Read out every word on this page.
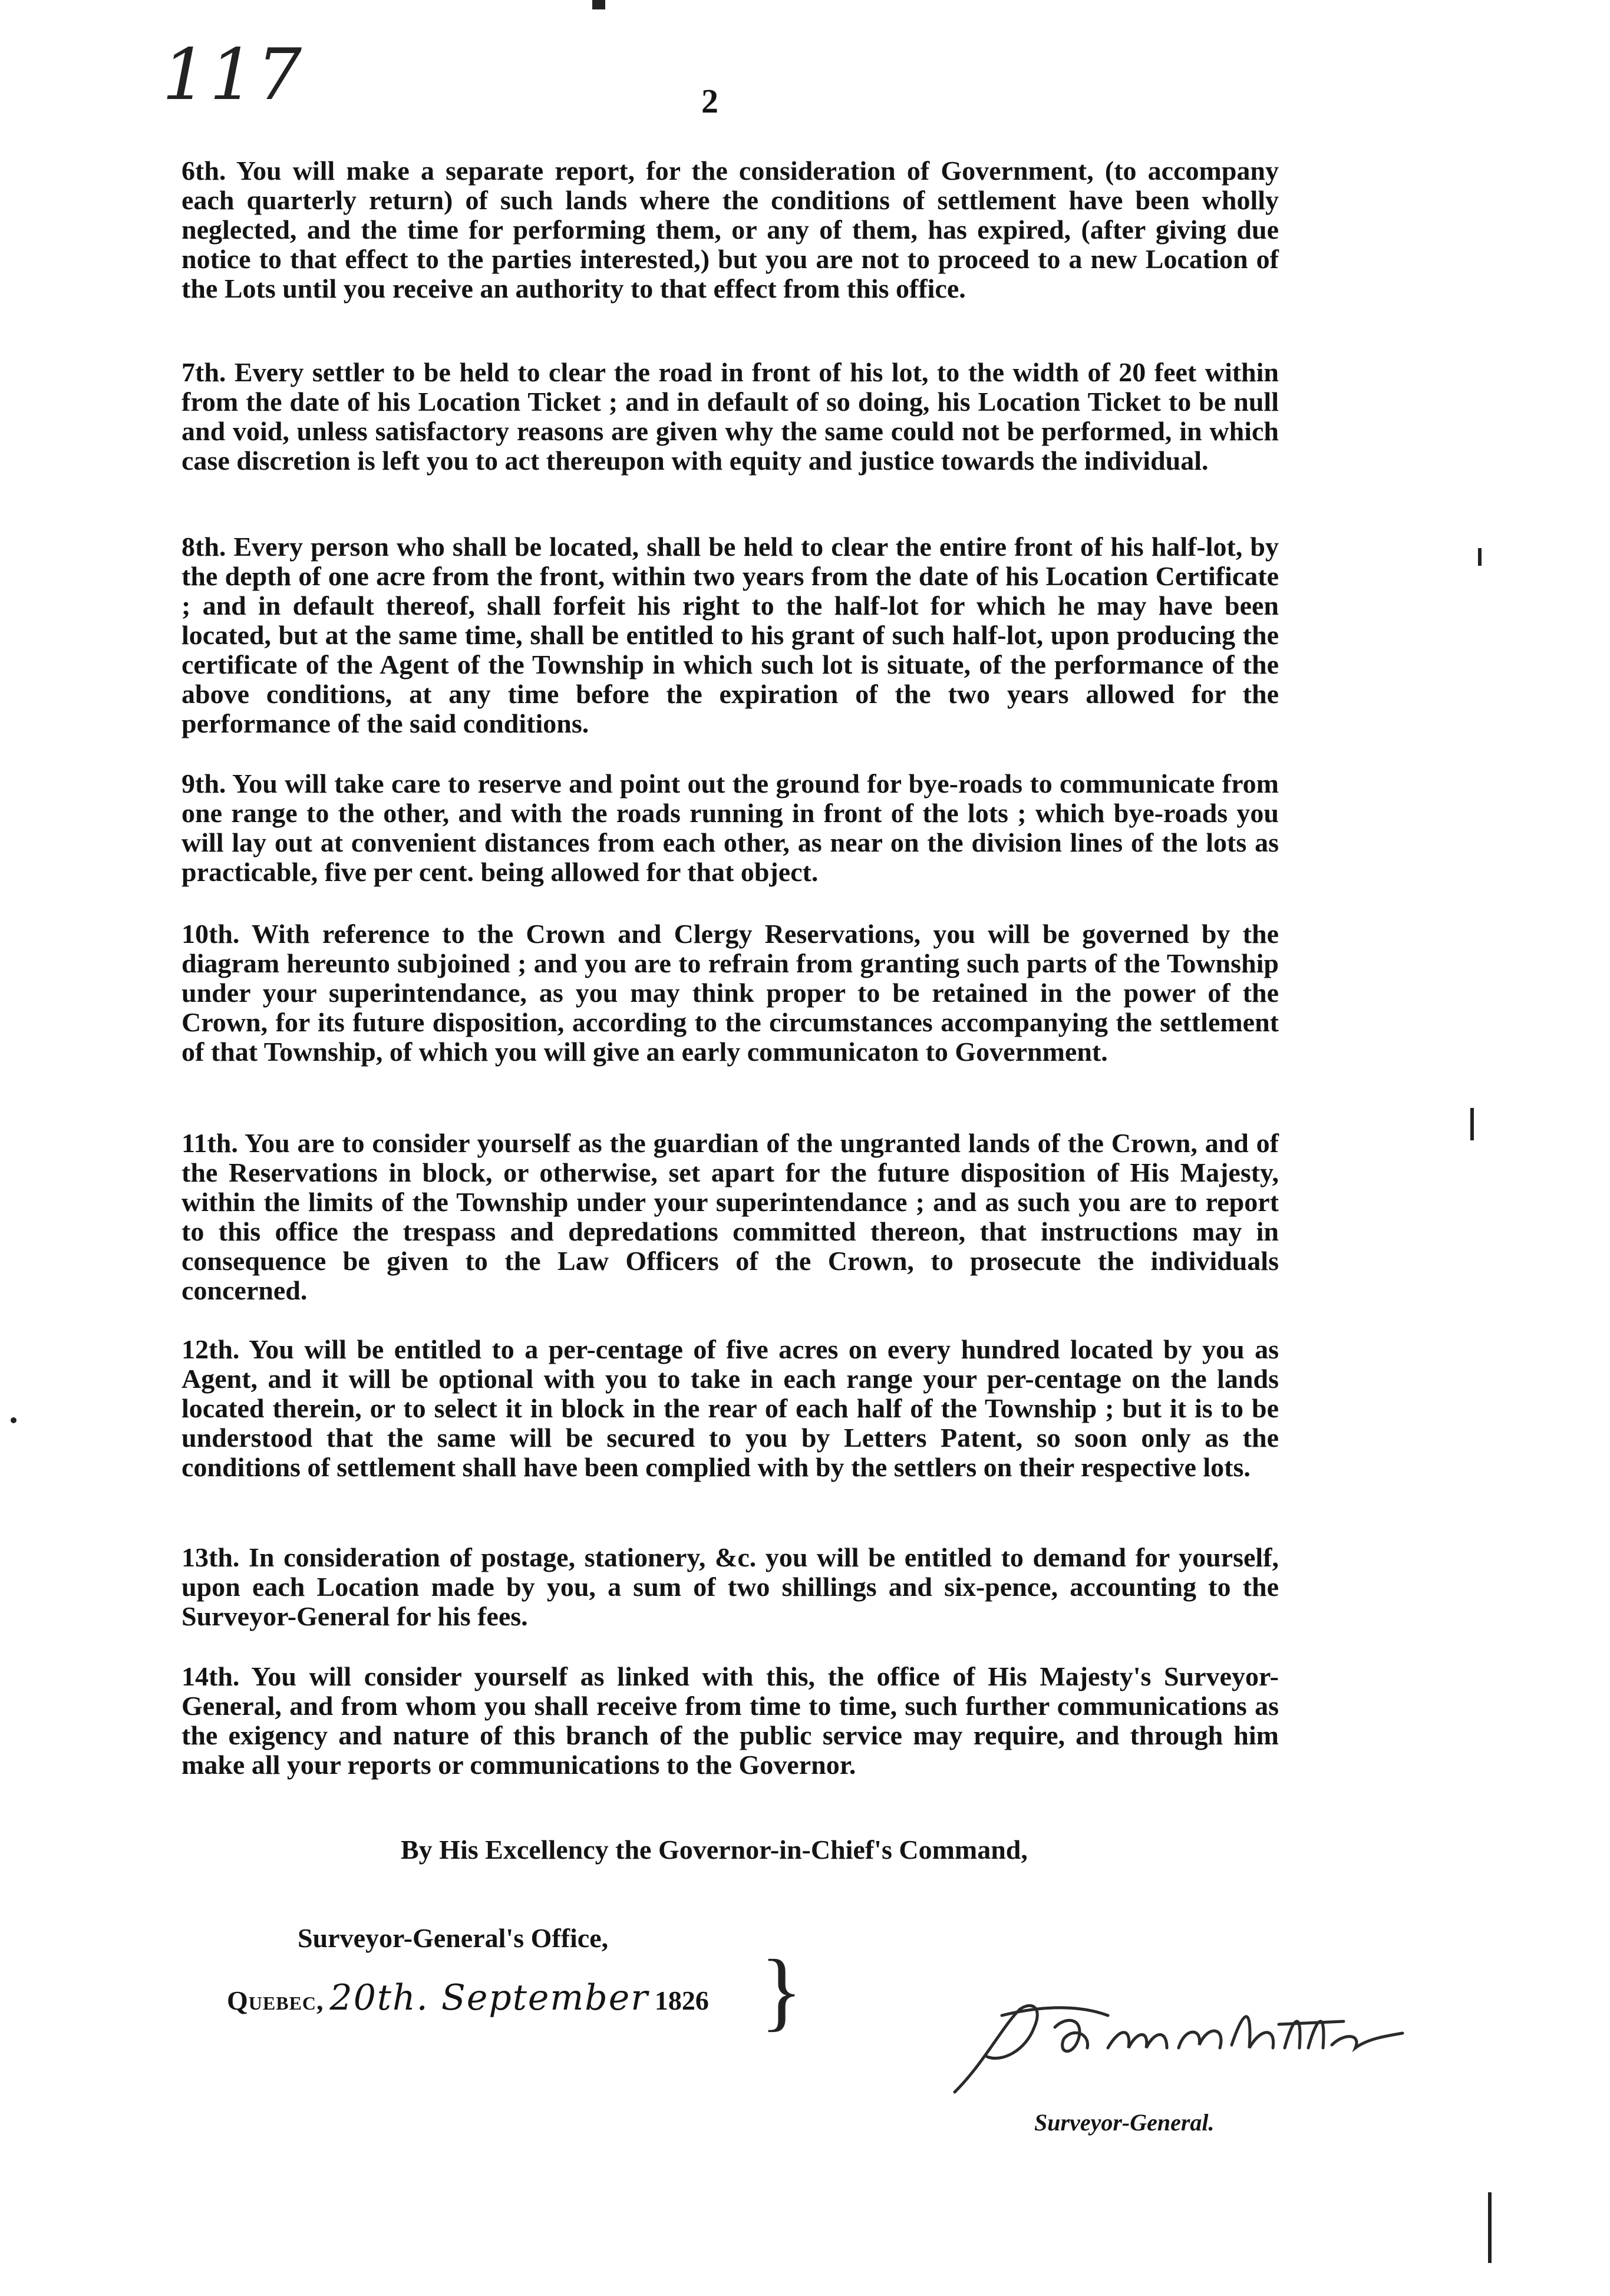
117	2

6th. You will make a separate report, for the consideration of Government, (to accompany each quarterly return) of such lands where the conditions of settlement have been wholly neglected, and the time for performing them, or any of them, has expired, (after giving due notice to that effect to the parties interested,) but you are not to proceed to a new Location of the Lots until you receive an authority to that effect from this office.

7th. Every settler to be held to clear the road in front of his lot, to the width of 20 feet within                                        from the date of his Location Ticket ; and in default of so doing, his Location Ticket to be null and void, unless satisfactory reasons are given why the same could not be performed, in which case discretion is left you to act thereupon with equity and justice towards the individual.

8th. Every person who shall be located, shall be held to clear the entire front of his half-lot, by the depth of one acre from the front, within two years from the date of his Location Certificate ; and in default thereof, shall forfeit his right to the half-lot for which he may have been located, but at the same time, shall be entitled to his grant of such half-lot, upon producing the certificate of the Agent of the Township in which such lot is situate, of the performance of the above conditions, at any time before the expiration of the two years allowed for the performance of the said conditions.

9th. You will take care to reserve and point out the ground for bye-roads to communicate from one range to the other, and with the roads running in front of the lots ; which bye-roads you will lay out at convenient distances from each other, as near on the division lines of the lots as practicable, five per cent. being allowed for that object.

10th. With reference to the Crown and Clergy Reservations, you will be governed by the diagram hereunto subjoined ; and you are to refrain from granting such parts of the Township under your superintendance, as you may think proper to be retained in the power of the Crown, for its future disposition, according to the circumstances accompanying the settlement of that Township, of which you will give an early communicaton to Government.

11th. You are to consider yourself as the guardian of the ungranted lands of the Crown, and of the Reservations in block, or otherwise, set apart for the future disposition of His Majesty, within the limits of the Township under your superintendance ; and as such you are to report to this office the trespass and depredations committed thereon, that instructions may in consequence be given to the Law Officers of the Crown, to prosecute the individuals concerned.

12th. You will be entitled to a per-centage of five acres on every hundred located by you as Agent, and it will be optional with you to take in each range your per-centage on the lands located therein, or to select it in block in the rear of each half of the Township ; but it is to be understood that the same will be secured to you by Letters Patent, so soon only as the conditions of settlement shall have been complied with by the settlers on their respective lots.

13th. In consideration of postage, stationery, &c. you will be entitled to demand for yourself, upon each Location made by you, a sum of two shillings and six-pence, accounting to the Surveyor-General for his fees.

14th. You will consider yourself as linked with this, the office of His Majesty's Surveyor-General, and from whom you shall receive from time to time, such further communications as the exigency and nature of this branch of the public service may require, and through him make all your reports or communications to the Governor.

By His Excellency the Governor-in-Chief's Command,
Surveyor-General's Office,
Quebec, 20th. September 1826 }
Surveyor-General.
